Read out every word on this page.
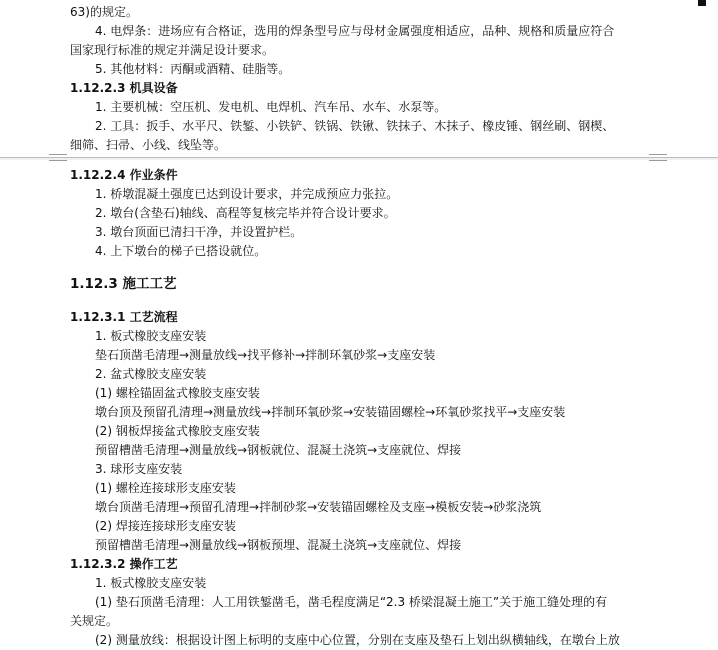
63)的规定。
4. 电焊条：进场应有合格证，选用的焊条型号应与母材金属强度相适应，品种、规格和质量应符合
国家现行标准的规定并满足设计要求。
5. 其他材料：丙酮或酒精、硅脂等。
1.12.2.3 机具设备
1. 主要机械：空压机、发电机、电焊机、汽车吊、水车、水泵等。
2. 工具：扳手、水平尺、铁錾、小铁铲、铁锅、铁锹、铁抹子、木抹子、橡皮锤、钢丝刷、钢楔、
细筛、扫帚、小线、线坠等。
1.12.2.4 作业条件
1. 桥墩混凝土强度已达到设计要求，并完成预应力张拉。
2. 墩台(含垫石)轴线、高程等复核完毕并符合设计要求。
3. 墩台顶面已清扫干净，并设置护栏。
4. 上下墩台的梯子已搭设就位。
1.12.3 施工工艺
1.12.3.1 工艺流程
1. 板式橡胶支座安装
垫石顶凿毛清理→测量放线→找平修补→拌制环氧砂浆→支座安装
2. 盆式橡胶支座安装
(1) 螺栓锚固盆式橡胶支座安装
墩台顶及预留孔清理→测量放线→拌制环氧砂浆→安装锚固螺栓→环氧砂浆找平→支座安装
(2) 钢板焊接盆式橡胶支座安装
预留槽凿毛清理→测量放线→钢板就位、混凝土浇筑→支座就位、焊接
3. 球形支座安装
(1) 螺栓连接球形支座安装
墩台顶凿毛清理→预留孔清理→拌制砂浆→安装锚固螺栓及支座→模板安装→砂浆浇筑
(2) 焊接连接球形支座安装
预留槽凿毛清理→测量放线→钢板预埋、混凝土浇筑→支座就位、焊接
1.12.3.2 操作工艺
1. 板式橡胶支座安装
(1) 垫石顶凿毛清理：人工用铁錾凿毛，凿毛程度满足“2.3 桥梁混凝土施工”关于施工缝处理的有
关规定。
(2) 测量放线：根据设计图上标明的支座中心位置，分别在支座及垫石上划出纵横轴线，在墩台上放
